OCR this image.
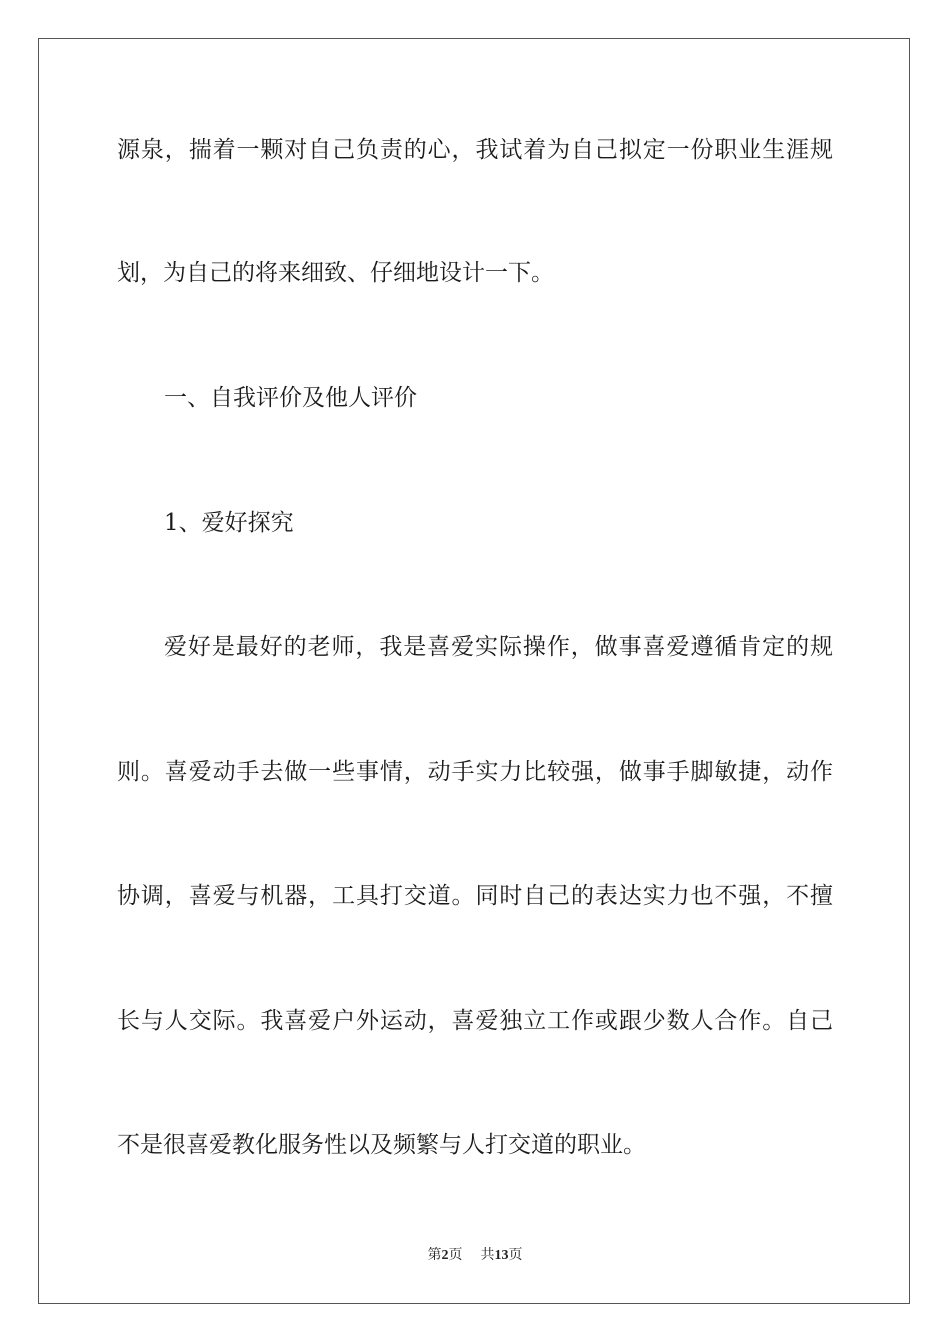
源泉，揣着一颗对自己负责的心，我试着为自己拟定一份职业生涯规
划，为自己的将来细致、仔细地设计一下。
一、自我评价及他人评价
1、爱好探究
爱好是最好的老师，我是喜爱实际操作，做事喜爱遵循肯定的规
则。喜爱动手去做一些事情，动手实力比较强，做事手脚敏捷，动作
协调，喜爱与机器，工具打交道。同时自己的表达实力也不强，不擅
长与人交际。我喜爱户外运动，喜爱独立工作或跟少数人合作。自己
不是很喜爱教化服务性以及频繁与人打交道的职业。
第2页 共13页
